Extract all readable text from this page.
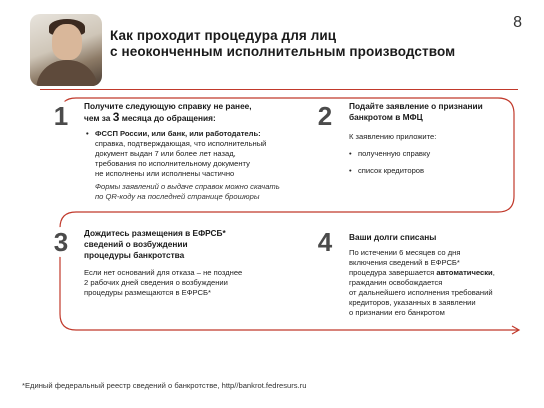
Как проходит процедура для лиц
с неоконченным исполнительным производством
8
1	Получите следующую справку не ранее,
чем за 3 месяца до обращения:
• ФССП России, или банк, или работодатель:
справка, подтверждающая, что исполнительный
документ выдан 7 или более лет назад,
требования по исполнительному документу
не исполнены или исполнены частично
Формы заявлений о выдаче справок можно скачать
по QR-коду на последней странице брошюры
2	Подайте заявление о признании
банкротом в МФЦ
К заявлению приложите:
• полученную справку
• список кредиторов
3	Дождитесь размещения в ЕФРСБ*
сведений о возбуждении
процедуры банкротства
Если нет оснований для отказа – не позднее
2 рабочих дней сведения о возбуждении
процедуры размещаются в ЕФРСБ*
4	Ваши долги списаны
По истечении 6 месяцев со дня
включения сведений в ЕФРСБ*
процедура завершается автоматически,
гражданин освобождается
от дальнейшего исполнения требований
кредиторов, указанных в заявлении
о признании его банкротом
*Единый федеральный реестр сведений о банкротстве, http//bankrot.fedresurs.ru
